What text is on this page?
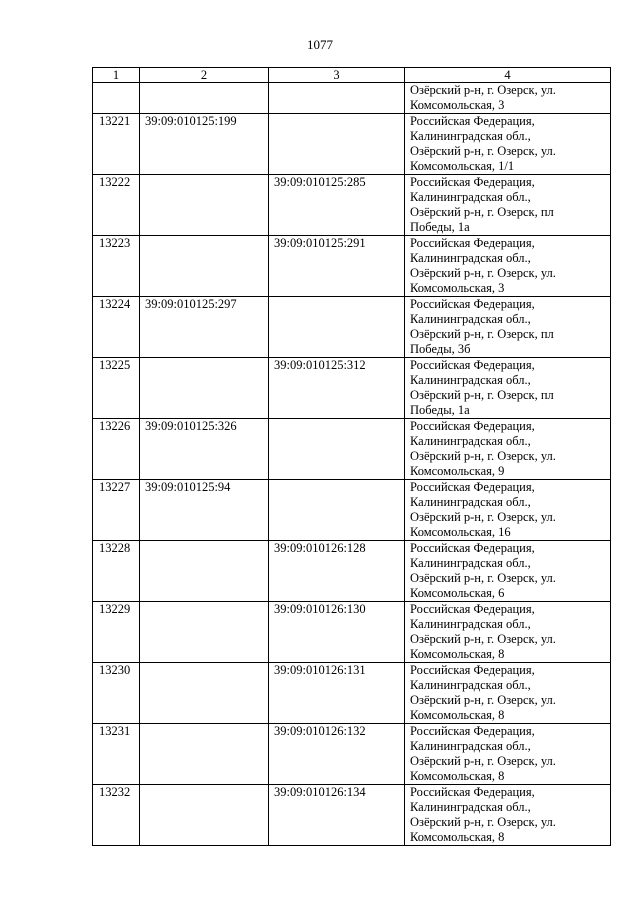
1077
1	2	3	4

			Озёрский р-н, г. Озерск, ул.
Комсомольская, 3

13221	39:09:010125:199		Российская Федерация,
Калининградская обл.,
Озёрский р-н, г. Озерск, ул.
Комсомольская, 1/1

13222		39:09:010125:285	Российская Федерация,
Калининградская обл.,
Озёрский р-н, г. Озерск, пл
Победы, 1а

13223		39:09:010125:291	Российская Федерация,
Калининградская обл.,
Озёрский р-н, г. Озерск, ул.
Комсомольская, 3

13224	39:09:010125:297		Российская Федерация,
Калининградская обл.,
Озёрский р-н, г. Озерск, пл
Победы, 3б

13225		39:09:010125:312	Российская Федерация,
Калининградская обл.,
Озёрский р-н, г. Озерск, пл
Победы, 1а

13226	39:09:010125:326		Российская Федерация,
Калининградская обл.,
Озёрский р-н, г. Озерск, ул.
Комсомольская, 9

13227	39:09:010125:94		Российская Федерация,
Калининградская обл.,
Озёрский р-н, г. Озерск, ул.
Комсомольская, 16

13228		39:09:010126:128	Российская Федерация,
Калининградская обл.,
Озёрский р-н, г. Озерск, ул.
Комсомольская, 6

13229		39:09:010126:130	Российская Федерация,
Калининградская обл.,
Озёрский р-н, г. Озерск, ул.
Комсомольская, 8

13230		39:09:010126:131	Российская Федерация,
Калининградская обл.,
Озёрский р-н, г. Озерск, ул.
Комсомольская, 8

13231		39:09:010126:132	Российская Федерация,
Калининградская обл.,
Озёрский р-н, г. Озерск, ул.
Комсомольская, 8

13232		39:09:010126:134	Российская Федерация,
Калининградская обл.,
Озёрский р-н, г. Озерск, ул.
Комсомольская, 8
